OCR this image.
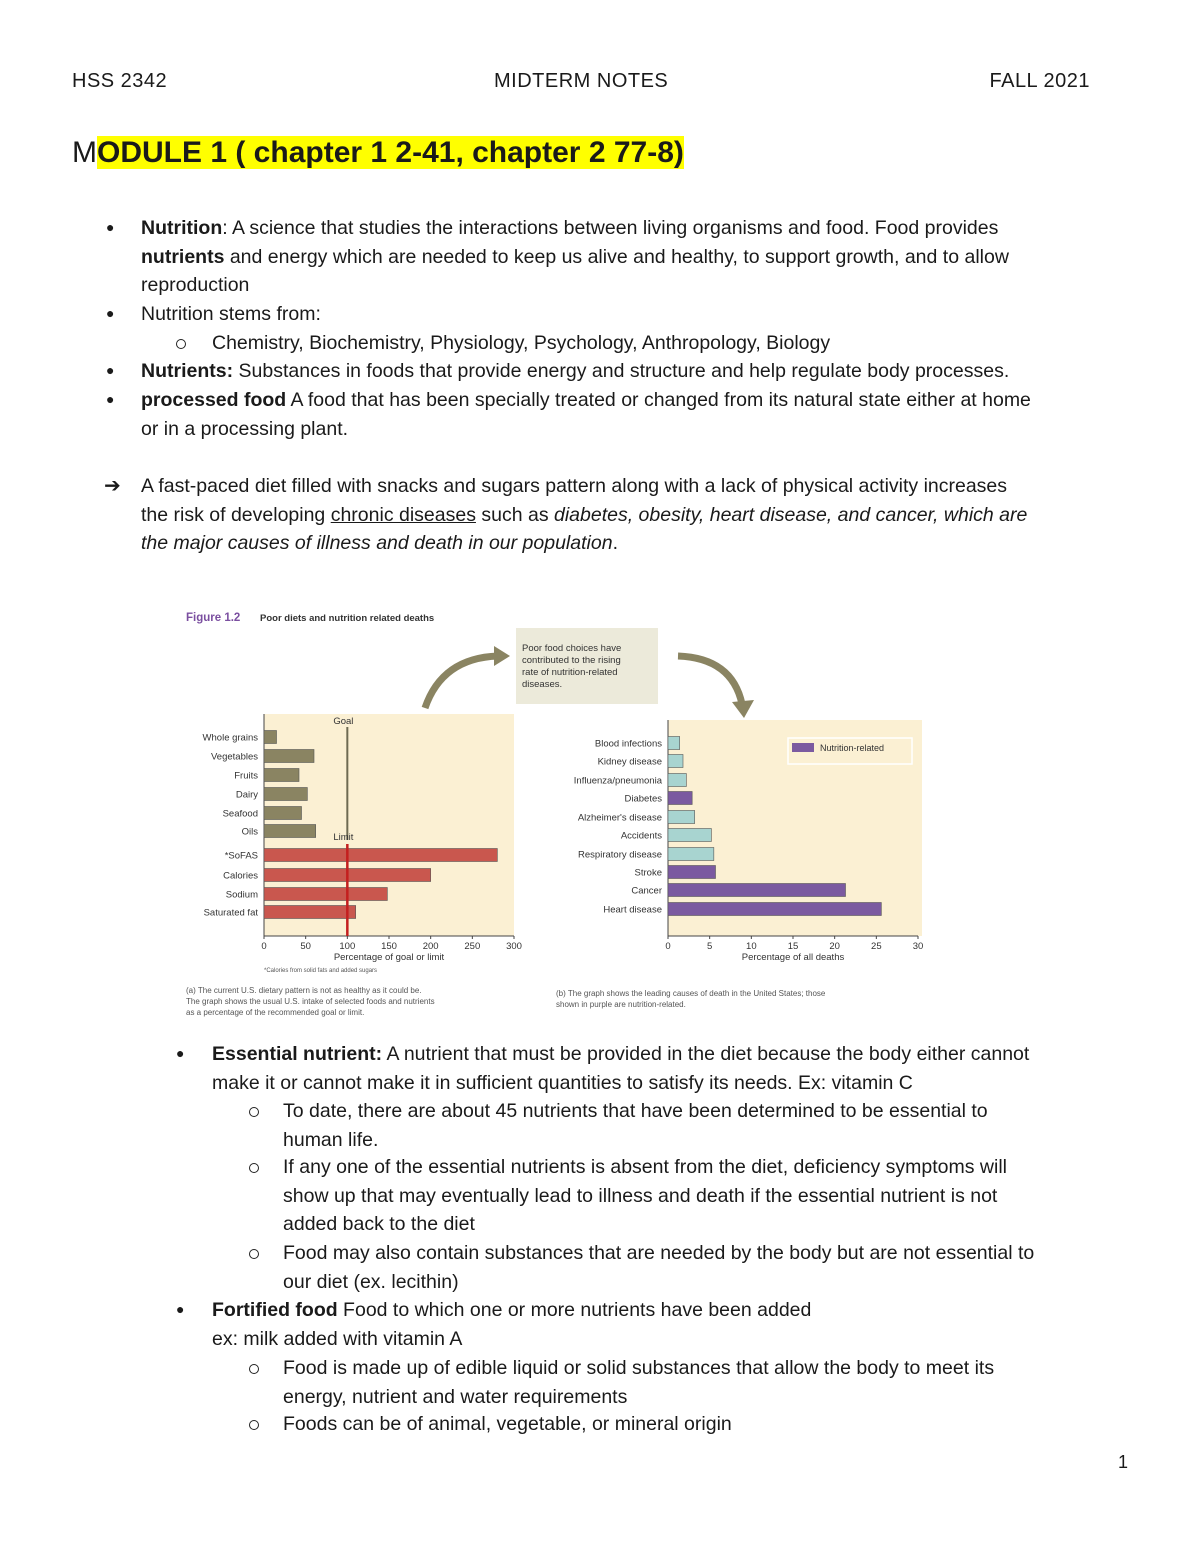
HSS 2342	MIDTERM NOTES	FALL 2021
MODULE 1 ( chapter 1 2-41, chapter 2 77-8)
● Nutrition: A science that studies the interactions between living organisms and food. Food provides
nutrients and energy which are needed to keep us alive and healthy, to support growth, and to allow
reproduction
● Nutrition stems from:
Chemistry, Biochemistry, Physiology, Psychology, Anthropology, Biology
● Nutrients: Substances in foods that provide energy and structure and help regulate body processes.
● processed food A food that has been specially treated or changed from its natural state either at home
or in a processing plant.
➔ A fast-paced diet filled with snacks and sugars pattern along with a lack of physical activity increases
the risk of developing chronic diseases such as diabetes, obesity, heart disease, and cancer, which are
the major causes of illness and death in our population.
Figure 1.2 Poor diets and nutrition related deaths
Poor food choices have
contributed to the rising
rate of nutrition-related
diseases.
Whole grains
Vegetables
Fruits
Dairy
Seafood
Oils
*SoFAS
Calories
Sodium
Saturated fat
0	50	100	150	200	250	300
Percentage of goal or limit
Goal
Limit
*Calories from solid fats and added sugars
(a) The current U.S. dietary pattern is not as healthy as it could be.
The graph shows the usual U.S. intake of selected foods and nutrients
as a percentage of the recommended goal or limit.
Blood infections
Kidney disease
Influenza/pneumonia
Diabetes
Alzheimer's disease
Accidents
Respiratory disease
Stroke
Cancer
Heart disease
0	5	10	15	20	25	30
Percentage of all deaths
Nutrition-related
(b) The graph shows the leading causes of death in the United States; those
shown in purple are nutrition-related.
● Essential nutrient: A nutrient that must be provided in the diet because the body either cannot
make it or cannot make it in sufficient quantities to satisfy its needs. Ex: vitamin C
To date, there are about 45 nutrients that have been determined to be essential to
human life.
If any one of the essential nutrients is absent from the diet, deficiency symptoms will
show up that may eventually lead to illness and death if the essential nutrient is not
added back to the diet
Food may also contain substances that are needed by the body but are not essential to
our diet (ex. lecithin)
● Fortified food Food to which one or more nutrients have been added
ex: milk added with vitamin A
Food is made up of edible liquid or solid substances that allow the body to meet its
energy, nutrient and water requirements
Foods can be of animal, vegetable, or mineral origin
1
